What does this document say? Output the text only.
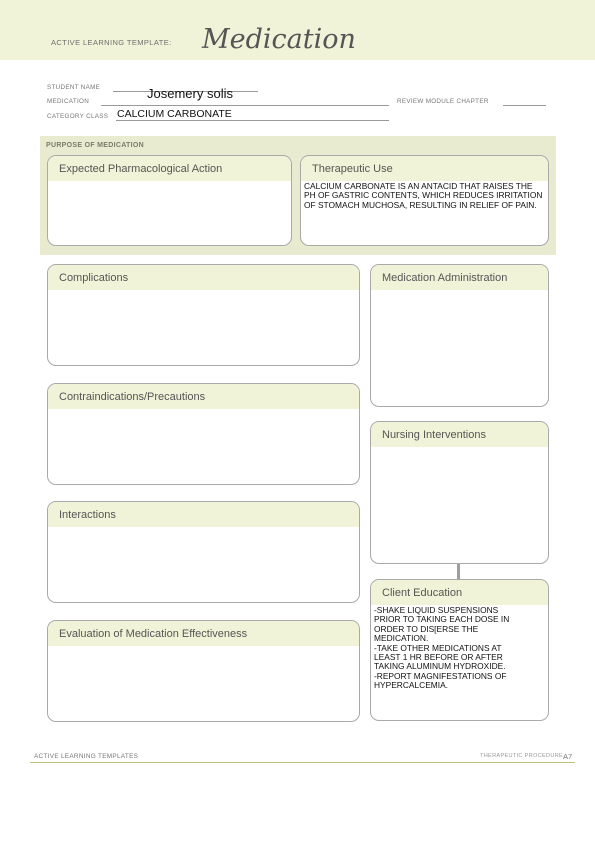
ACTIVE LEARNING TEMPLATE: Medication
STUDENT NAME	Josemery solis
MEDICATION	REVIEW MODULE CHAPTER
CATEGORY CLASS CALCIUM CARBONATE
PURPOSE OF MEDICATION
Expected Pharmacological Action	Therapeutic Use
CALCIUM CARBONATE IS AN ANTACID THAT RAISES THE PH OF GASTRIC CONTENTS, WHICH REDUCES IRRITATION OF STOMACH MUCHOSA, RESULTING IN RELIEF OF PAIN.
Complications
Contraindications/Precautions
Interactions
Evaluation of Medication Effectiveness
Medication Administration
Nursing Interventions
Client Education
-SHAKE LIQUID SUSPENSIONS
PRIOR TO TAKING EACH DOSE IN
ORDER TO DIS[ERSE THE
MEDICATION.
-TAKE OTHER MEDICATIONS AT
LEAST 1 HR BEFORE OR AFTER
TAKING ALUMINUM HYDROXIDE.
-REPORT MAGNIFESTATIONS OF
HYPERCALCEMIA.
ACTIVE LEARNING TEMPLATES	THERAPEUTIC PROCEDURE A7
